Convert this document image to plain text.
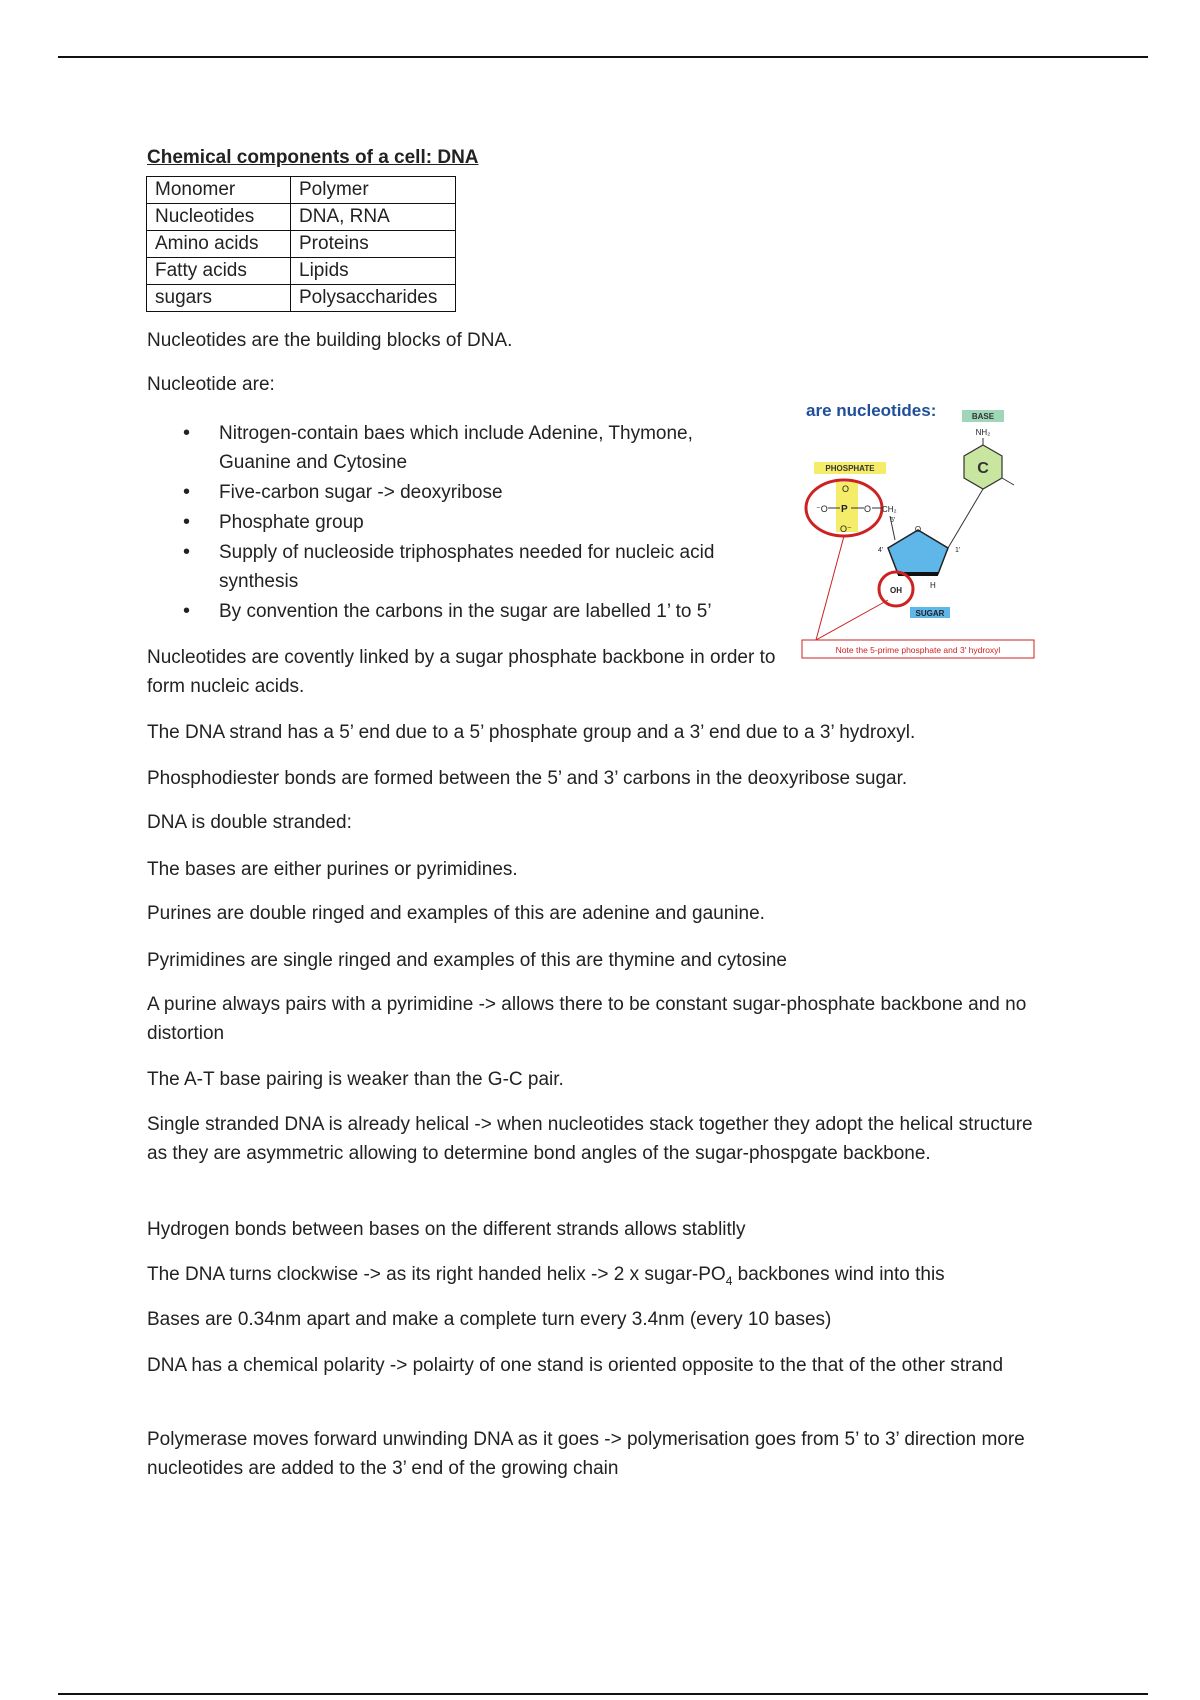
Chemical components of a cell: DNA
Monomer	Polymer
Nucleotides	DNA, RNA
Amino acids	Proteins
Fatty acids	Lipids
sugars	Polysaccharides

Nucleotides are the building blocks of DNA.

Nucleotide are:

• Nitrogen-contain baes which include Adenine, Thymone, Guanine and Cytosine
• Five-carbon sugar -> deoxyribose
• Phosphate group
• Supply of nucleoside triphosphates needed for nucleic acid synthesis
• By convention the carbons in the sugar are labelled 1’ to 5’
are nucleotides:	BASE
NH₂
C
PHOSPHATE
⁻O P O CH₂
O
O⁻	O
4'	1'
5'
OH
H
SUGAR
Note the 5-prime phosphate and 3' hydroxyl

Nucleotides are covently linked by a sugar phosphate backbone in order to form nucleic acids.

The DNA strand has a 5’ end due to a 5’ phosphate group and a 3’ end due to a 3’ hydroxyl.

Phosphodiester bonds are formed between the 5’ and 3’ carbons in the deoxyribose sugar.

DNA is double stranded:

The bases are either purines or pyrimidines.

Purines are double ringed and examples of this are adenine and gaunine.

Pyrimidines are single ringed and examples of this are thymine and cytosine

A purine always pairs with a pyrimidine -> allows there to be constant sugar-phosphate backbone and no distortion

The A-T base pairing is weaker than the G-C pair.

Single stranded DNA is already helical -> when nucleotides stack together they adopt the helical structure as they are asymmetric allowing to determine bond angles of the sugar-phospgate backbone.

Hydrogen bonds between bases on the different strands allows stablitly

The DNA turns clockwise -> as its right handed helix -> 2 x sugar-$PO_4$ backbones wind into this

Bases are 0.34nm apart and make a complete turn every 3.4nm (every 10 bases)

DNA has a chemical polarity -> polairty of one stand is oriented opposite to the that of the other strand

Polymerase moves forward unwinding DNA as it goes -> polymerisation goes from 5’ to 3’ direction more nucleotides are added to the 3’ end of the growing chain
